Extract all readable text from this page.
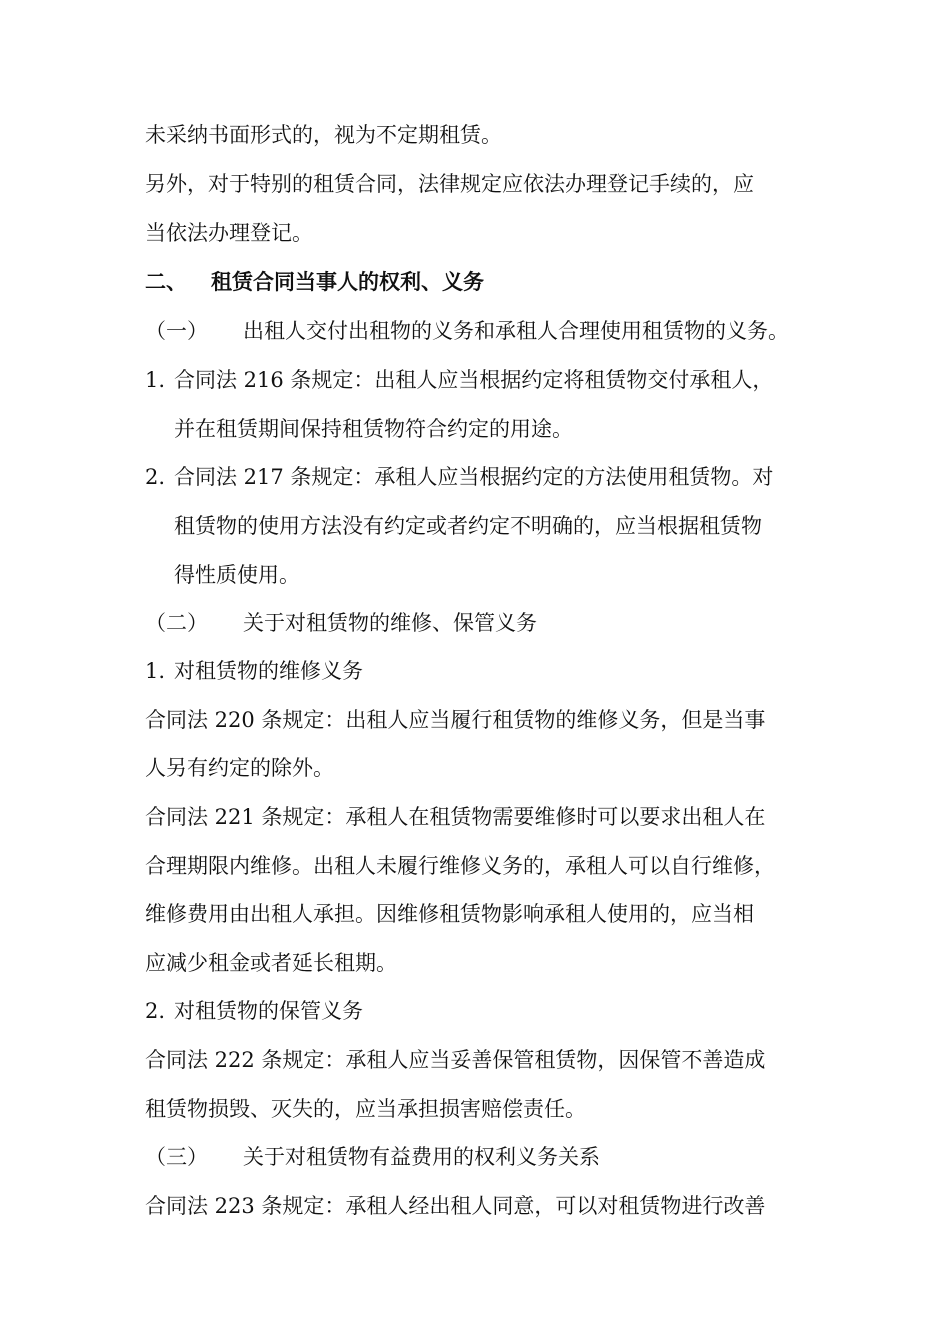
未采纳书面形式的，视为不定期租赁。
另外，对于特别的租赁合同，法律规定应依法办理登记手续的，应
当依法办理登记。
二、 租赁合同当事人的权利、义务
（一） 出租人交付出租物的义务和承租人合理使用租赁物的义务。
1. 合同法 216 条规定：出租人应当根据约定将租赁物交付承租人，
并在租赁期间保持租赁物符合约定的用途。
2. 合同法 217 条规定：承租人应当根据约定的方法使用租赁物。对
租赁物的使用方法没有约定或者约定不明确的，应当根据租赁物
得性质使用。
（二） 关于对租赁物的维修、保管义务
1. 对租赁物的维修义务
合同法 220 条规定：出租人应当履行租赁物的维修义务，但是当事
人另有约定的除外。
合同法 221 条规定：承租人在租赁物需要维修时可以要求出租人在
合理期限内维修。出租人未履行维修义务的，承租人可以自行维修，
维修费用由出租人承担。因维修租赁物影响承租人使用的，应当相
应减少租金或者延长租期。
2. 对租赁物的保管义务
合同法 222 条规定：承租人应当妥善保管租赁物，因保管不善造成
租赁物损毁、灭失的，应当承担损害赔偿责任。
（三） 关于对租赁物有益费用的权利义务关系
合同法 223 条规定：承租人经出租人同意，可以对租赁物进行改善
